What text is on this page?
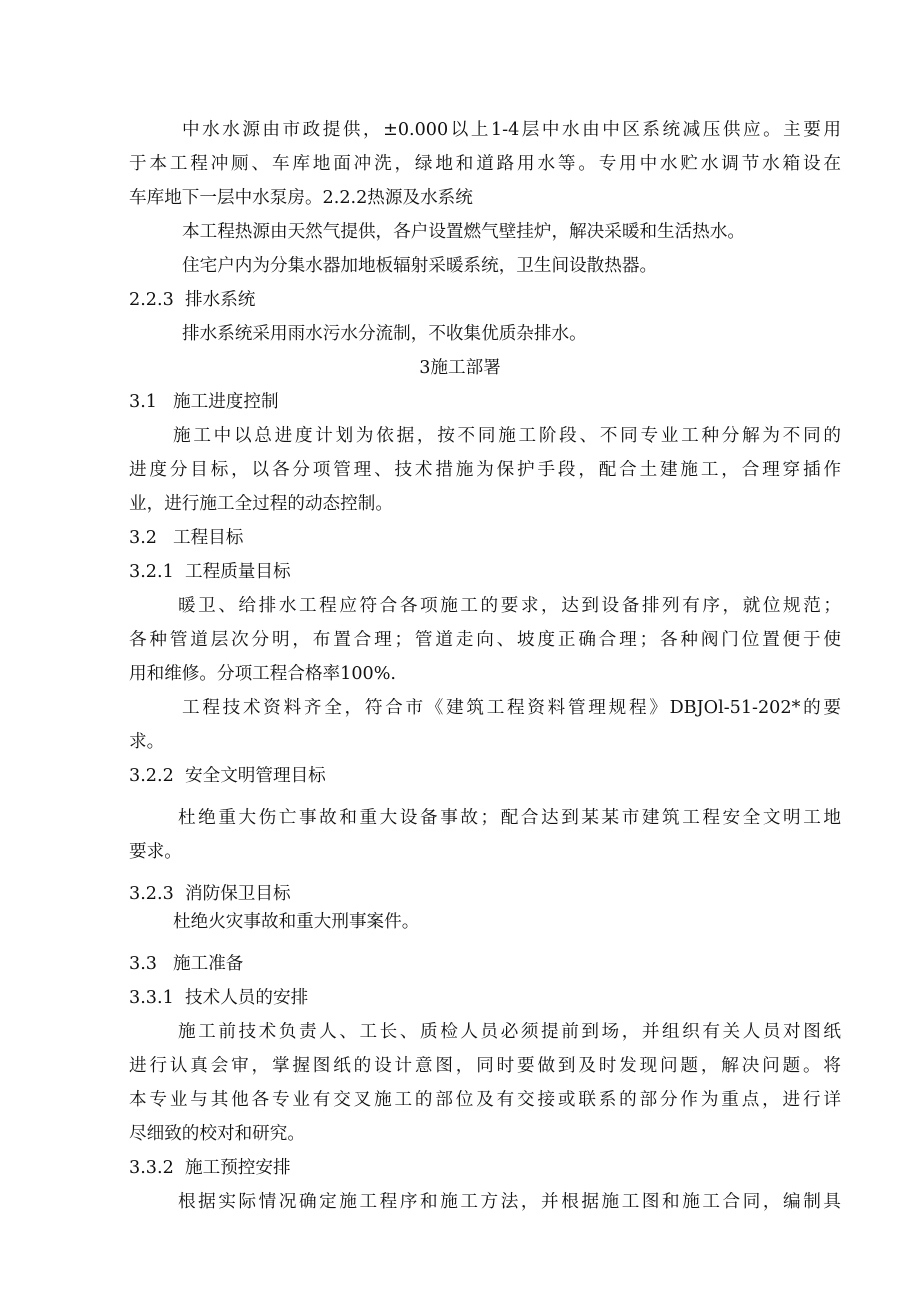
中水水源由市政提供，±0.000以上1-4层中水由中区系统减压供应。主要用
于本工程冲厕、车库地面冲洗，绿地和道路用水等。专用中水贮水调节水箱设在
车库地下一层中水泵房。2.2.2热源及水系统
本工程热源由天然气提供，各户设置燃气壁挂炉，解决采暖和生活热水。
住宅户内为分集水器加地板辐射采暖系统，卫生间设散热器。
2.2.3 排水系统
排水系统采用雨水污水分流制，不收集优质杂排水。
3施工部署
3.1 施工进度控制
施工中以总进度计划为依据，按不同施工阶段、不同专业工种分解为不同的
进度分目标，以各分项管理、技术措施为保护手段，配合土建施工，合理穿插作
业，进行施工全过程的动态控制。
3.2 工程目标
3.2.1 工程质量目标
暖卫、给排水工程应符合各项施工的要求，达到设备排列有序，就位规范；
各种管道层次分明，布置合理；管道走向、坡度正确合理；各种阀门位置便于使
用和维修。分项工程合格率100%.
工程技术资料齐全，符合市《建筑工程资料管理规程》DBJOl-51-202*的要
求。
3.2.2 安全文明管理目标
杜绝重大伤亡事故和重大设备事故；配合达到某某市建筑工程安全文明工地
要求。
3.2.3 消防保卫目标
杜绝火灾事故和重大刑事案件。
3.3 施工准备
3.3.1 技术人员的安排
施工前技术负责人、工长、质检人员必须提前到场，并组织有关人员对图纸
进行认真会审，掌握图纸的设计意图，同时要做到及时发现问题，解决问题。将
本专业与其他各专业有交叉施工的部位及有交接或联系的部分作为重点，进行详
尽细致的校对和研究。
3.3.2 施工预控安排
根据实际情况确定施工程序和施工方法，并根据施工图和施工合同，编制具
